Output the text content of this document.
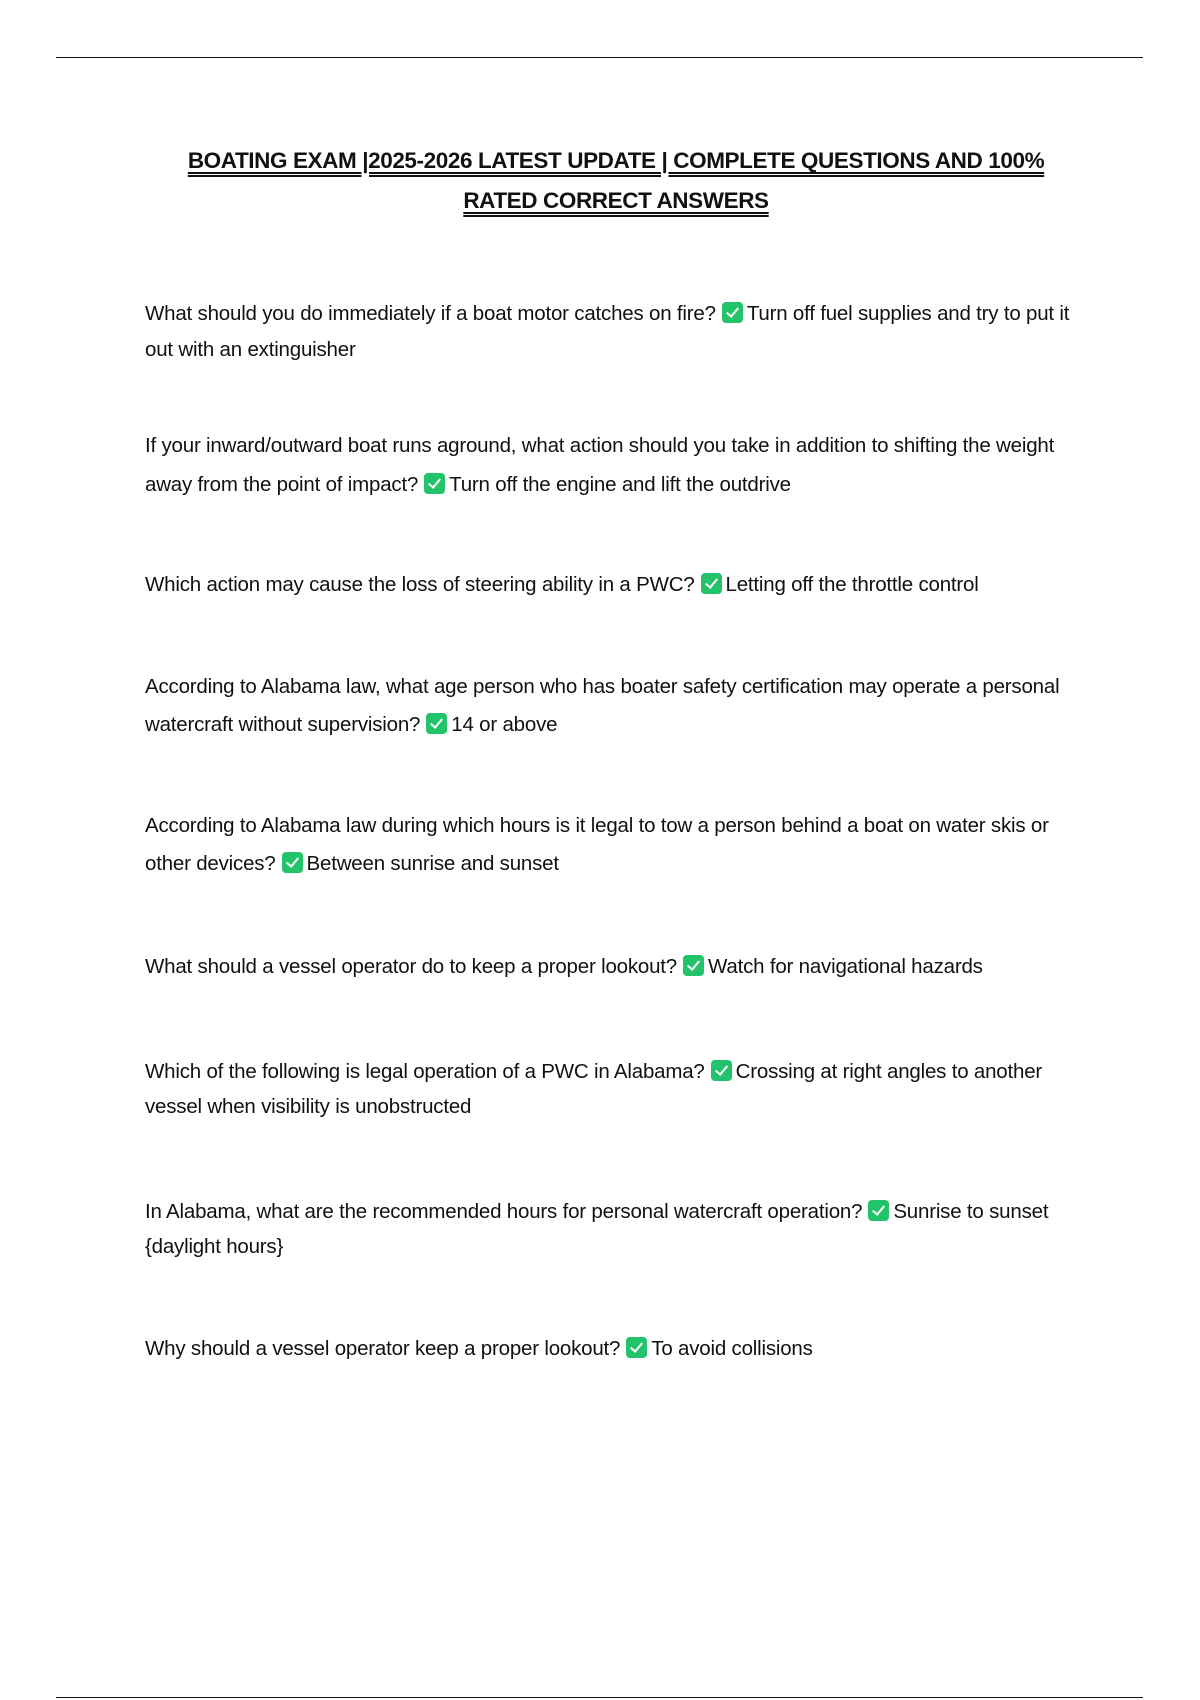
BOATING EXAM |2025-2026 LATEST UPDATE | COMPLETE QUESTIONS AND 100%
RATED CORRECT ANSWERS
What should you do immediately if a boat motor catches on fire? Turn off fuel supplies and try to put it out with an extinguisher
If your inward/outward boat runs aground, what action should you take in addition to shifting the weight away from the point of impact? Turn off the engine and lift the outdrive
Which action may cause the loss of steering ability in a PWC? Letting off the throttle control
According to Alabama law, what age person who has boater safety certification may operate a personal watercraft without supervision? 14 or above
According to Alabama law during which hours is it legal to tow a person behind a boat on water skis or other devices? Between sunrise and sunset
What should a vessel operator do to keep a proper lookout? Watch for navigational hazards
Which of the following is legal operation of a PWC in Alabama? Crossing at right angles to another vessel when visibility is unobstructed
In Alabama, what are the recommended hours for personal watercraft operation? Sunrise to sunset {daylight hours}
Why should a vessel operator keep a proper lookout? To avoid collisions
